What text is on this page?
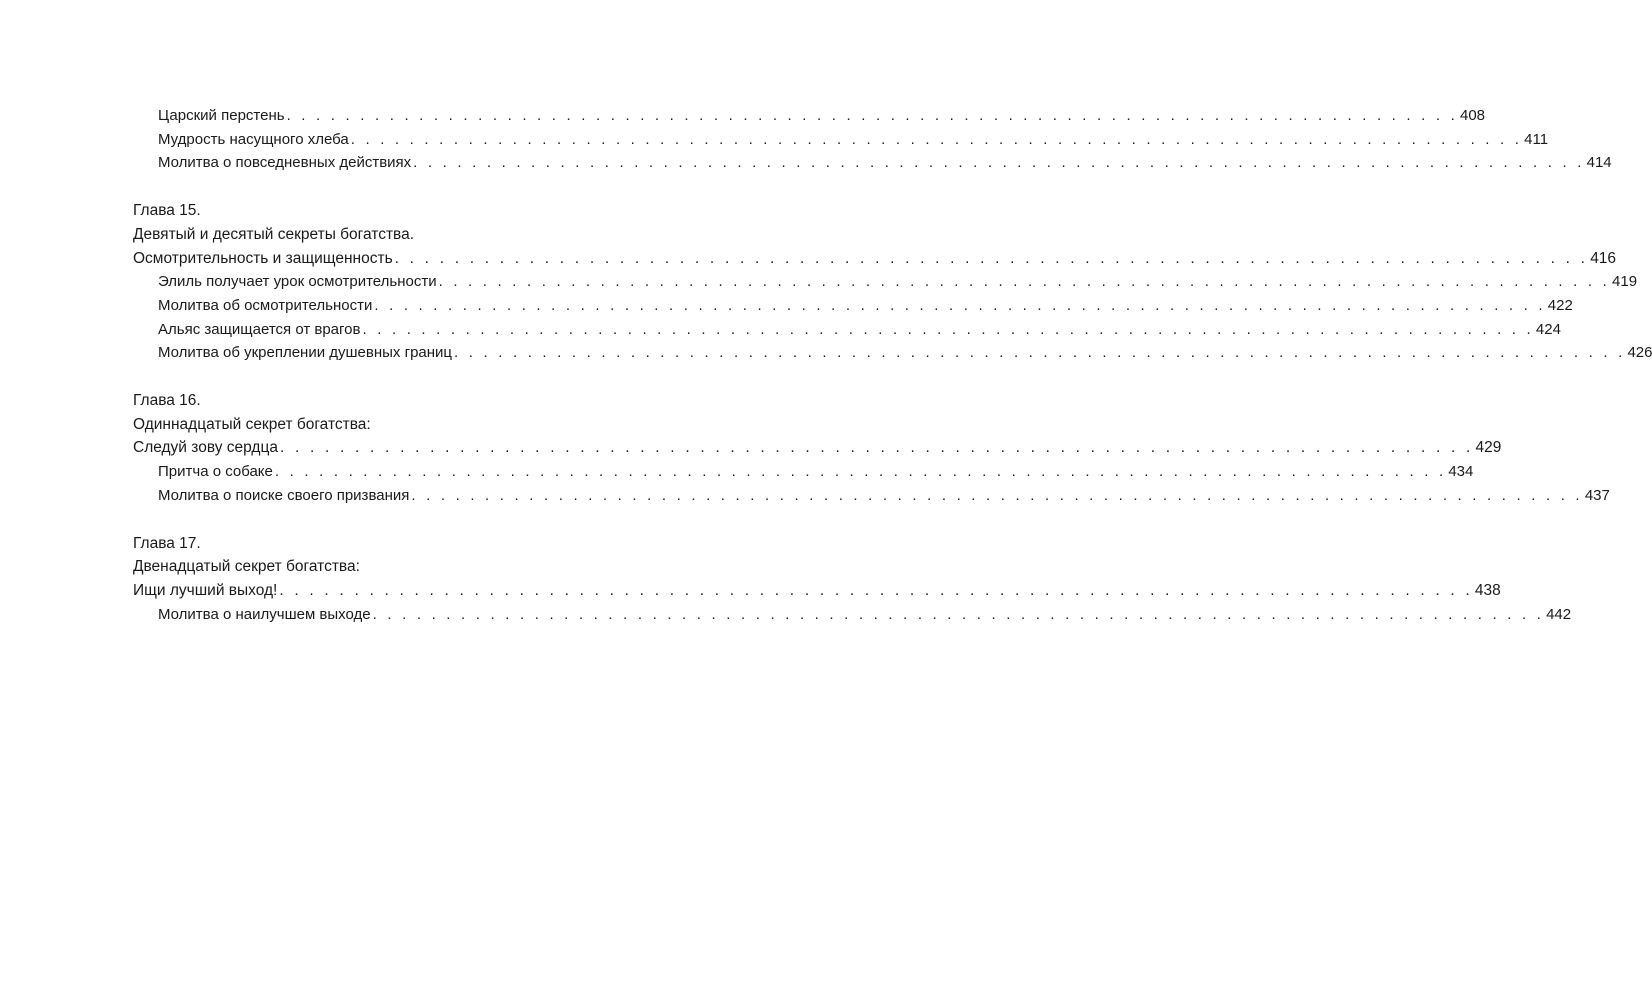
Царский перстень . . . . . . . . . . . . . . . . . . . . . . . . . . . . . . . . . . . . . . . . . . . . . . . . . . . . . . . . . . . . . . . . . . . . . . . . . . . . . . . . 408
Мудрость насущного хлеба . . . . . . . . . . . . . . . . . . . . . . . . . . . . . . . . . . . . . . . . . . . . . . . . . . . . . . . . . . . . . . . . . . . . . . . . . . . . . . . . 411
Молитва о повседневных действиях . . . . . . . . . . . . . . . . . . . . . . . . . . . . . . . . . . . . . . . . . . . . . . . . . . . . . . . . . . . . . . . . . . . . . . . . . . . . . . . . 414
Глава 15.
Девятый и десятый секреты богатства.
Осмотрительность и защищенность . . . . . . . . . . . . . . . . . . . . . . . . . . . . . . . . . . . . . . . . . . . . . . . . . . . . . . . . . . . . . . . . . . . . . . . . . . . . . . . . 416
Элиль получает урок осмотрительности . . . . . . . . . . . . . . . . . . . . . . . . . . . . . . . . . . . . . . . . . . . . . . . . . . . . . . . . . . . . . . . . . . . . . . . . . . . . . . . . 419
Молитва об осмотрительности . . . . . . . . . . . . . . . . . . . . . . . . . . . . . . . . . . . . . . . . . . . . . . . . . . . . . . . . . . . . . . . . . . . . . . . . . . . . . . . . 422
Альяс защищается от врагов . . . . . . . . . . . . . . . . . . . . . . . . . . . . . . . . . . . . . . . . . . . . . . . . . . . . . . . . . . . . . . . . . . . . . . . . . . . . . . . . 424
Молитва об укреплении душевных границ . . . . . . . . . . . . . . . . . . . . . . . . . . . . . . . . . . . . . . . . . . . . . . . . . . . . . . . . . . . . . . . . . . . . . . . . . . . . . . . . 426
Глава 16.
Одиннадцатый секрет богатства:
Следуй зову сердца . . . . . . . . . . . . . . . . . . . . . . . . . . . . . . . . . . . . . . . . . . . . . . . . . . . . . . . . . . . . . . . . . . . . . . . . . . . . . . . . 429
Притча о собаке . . . . . . . . . . . . . . . . . . . . . . . . . . . . . . . . . . . . . . . . . . . . . . . . . . . . . . . . . . . . . . . . . . . . . . . . . . . . . . . . 434
Молитва о поиске своего призвания . . . . . . . . . . . . . . . . . . . . . . . . . . . . . . . . . . . . . . . . . . . . . . . . . . . . . . . . . . . . . . . . . . . . . . . . . . . . . . . . 437
Глава 17.
Двенадцатый секрет богатства:
Ищи лучший выход! . . . . . . . . . . . . . . . . . . . . . . . . . . . . . . . . . . . . . . . . . . . . . . . . . . . . . . . . . . . . . . . . . . . . . . . . . . . . . . . . 438
Молитва о наилучшем выходе . . . . . . . . . . . . . . . . . . . . . . . . . . . . . . . . . . . . . . . . . . . . . . . . . . . . . . . . . . . . . . . . . . . . . . . . . . . . . . . . 442
